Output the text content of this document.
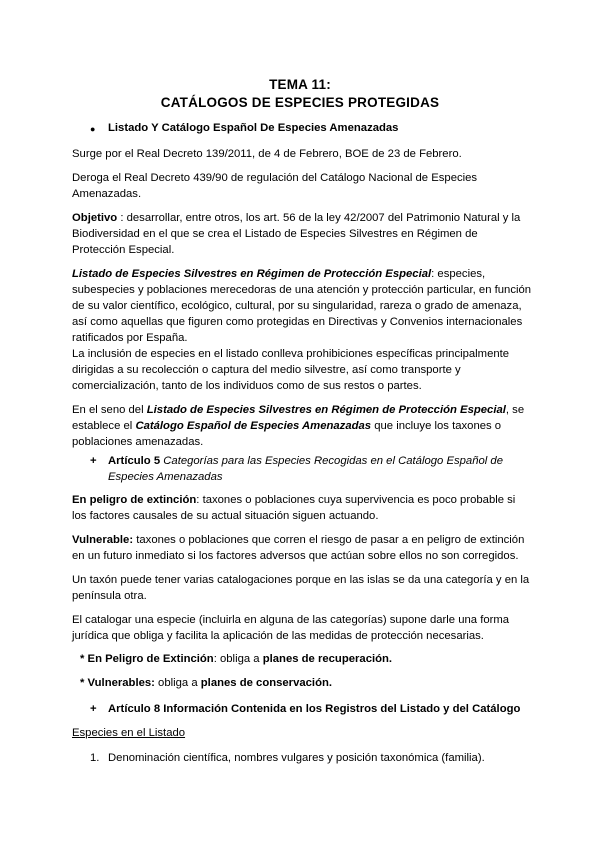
TEMA 11:
CATÁLOGOS DE ESPECIES PROTEGIDAS
● Listado Y Catálogo Español De Especies Amenazadas
Surge por el Real Decreto 139/2011, de 4 de Febrero, BOE de 23 de Febrero.
Deroga el Real Decreto 439/90 de regulación del Catálogo Nacional de Especies Amenazadas.
Objetivo : desarrollar, entre otros, los art. 56 de la ley 42/2007 del Patrimonio Natural y la Biodiversidad en el que se crea el Listado de Especies Silvestres en Régimen de Protección Especial.
Listado de Especies Silvestres en Régimen de Protección Especial: especies, subespecies y poblaciones merecedoras de una atención y protección particular, en función de su valor científico, ecológico, cultural, por su singularidad, rareza o grado de amenaza, así como aquellas que figuren como protegidas en Directivas y Convenios internacionales ratificados por España.
La inclusión de especies en el listado conlleva prohibiciones específicas principalmente dirigidas a su recolección o captura del medio silvestre, así como transporte y comercialización, tanto de los individuos como de sus restos o partes.
En el seno del Listado de Especies Silvestres en Régimen de Protección Especial, se establece el Catálogo Español de Especies Amenazadas que incluye los taxones o poblaciones amenazadas.
+ Artículo 5 Categorías para las Especies Recogidas en el Catálogo Español de Especies Amenazadas
En peligro de extinción: taxones o poblaciones cuya supervivencia es poco probable si los factores causales de su actual situación siguen actuando.
Vulnerable: taxones o poblaciones que corren el riesgo de pasar a en peligro de extinción en un futuro inmediato si los factores adversos que actúan sobre ellos no son corregidos.
Un taxón puede tener varias catalogaciones porque en las islas se da una categoría y en la península otra.
El catalogar una especie (incluirla en alguna de las categorías) supone darle una forma jurídica que obliga y facilita la aplicación de las medidas de protección necesarias.
* En Peligro de Extinción: obliga a planes de recuperación.
* Vulnerables: obliga a planes de conservación.
+ Artículo 8 Información Contenida en los Registros del Listado y del Catálogo
Especies en el Listado
1. Denominación científica, nombres vulgares y posición taxonómica (familia).
